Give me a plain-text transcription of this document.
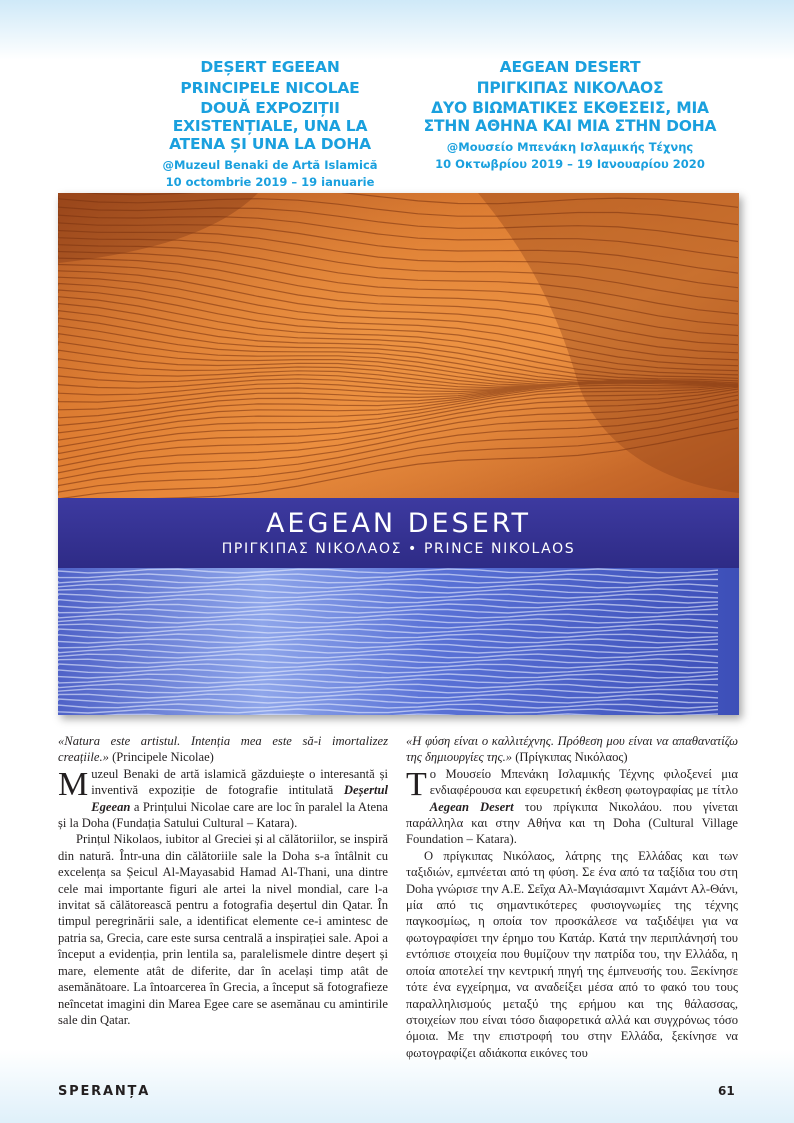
DEȘERT EGEEAN
PRINCIPELE NICOLAE
DOUĂ EXPOZIȚII EXISTENȚIALE, UNA LA ATENA ȘI UNA LA DOHA
@Muzeul Benaki de Artă Islamică
10 octombrie 2019 – 19 ianuarie
AEGEAN DESERT
ΠΡΙΓΚΙΠΑΣ ΝΙΚΟΛΑΟΣ
ΔΥΟ ΒΙΩΜΑΤΙΚΕΣ ΕΚΘΕΣΕΙΣ, ΜΙΑ ΣΤΗΝ ΑΘΗΝΑ ΚΑΙ ΜΙΑ ΣΤΗΝ DOHA
@Μουσείο Μπενάκη Ισλαμικής Τέχνης
10 Οκτωβρίου 2019 – 19 Ιανουαρίου 2020
AEGEAN DESERT
ΠΡΙΓΚΙΠΑΣ ΝΙΚΟΛΑΟΣ • PRINCE NIKOLAOS

«Natura este artistul. Intenția mea este să-i imortalizez creațiile.» (Principele Nicolae)

Muzeul Benaki de artă islamică găzduiește o interesantă și inventivă expoziție de fotografie intitulată Deșertul Egeean a Prințului Nicolae care are loc în paralel la Atena și la Doha (Fundația Satului Cultural – Katara).

Prințul Nikolaos, iubitor al Greciei și al călătoriilor, se inspiră din natură. Într-una din călătoriile sale la Doha s-a întâlnit cu excelența sa Șeicul Al-Mayasabid Hamad Al-Thani, una dintre cele mai importante figuri ale artei la nivel mondial, care l-a invitat să călătorească pentru a fotografia deșertul din Qatar. În timpul peregrinării sale, a identificat elemente ce-i amintesc de patria sa, Grecia, care este sursa centrală a inspirației sale. Apoi a început a evidenția, prin lentila sa, paralelismele dintre deșert și mare, elemente atât de diferite, dar în același timp atât de asemănătoare. La întoarcerea în Grecia, a început să fotografieze neîncetat imagini din Marea Egee care se asemănau cu amintirile sale din Qatar.

«Η φύση είναι ο καλλιτέχνης. Πρόθεση μου είναι να απαθανατίζω της δημιουργίες της.» (Πρίγκιπας Νικόλαος)

Το Μουσείο Μπενάκη Ισλαμικής Τέχνης φιλοξενεί μια ενδιαφέρουσα και εφευρετική έκθεση φωτογραφίας με τίτλο Aegean Desert του πρίγκιπα Νικολάου. που γίνεται παράλληλα και στην Αθήνα και τη Doha (Cultural Village Foundation – Katara).

Ο πρίγκιπας Νικόλαος, λάτρης της Ελλάδας και των ταξιδιών, εμπνέεται από τη φύση. Σε ένα από τα ταξίδια του στη Doha γνώρισε την Α.Ε. Σεΐχα Αλ-Μαγιάσαμιντ Χαμάντ Αλ-Θάνι, μία από τις σημαντικότερες φυσιογνωμίες της τέχνης παγκοσμίως, η οποία τον προσκάλεσε να ταξιδέψει για να φωτογραφίσει την έρημο του Κατάρ. Κατά την περιπλάνησή του εντόπισε στοιχεία που θυμίζουν την πατρίδα του, την Ελλάδα, η οποία αποτελεί την κεντρική πηγή της έμπνευσής του. Ξεκίνησε τότε ένα εγχείρημα, να αναδείξει μέσα από το φακό του τους παραλληλισμούς μεταξύ της ερήμου και της θάλασσας, στοιχείων που είναι τόσο διαφορετικά αλλά και συγχρόνως τόσο όμοια. Με την επιστροφή του στην Ελλάδα, ξεκίνησε να φωτογραφίζει αδιάκοπα εικόνες του

SPERANȚA	61
